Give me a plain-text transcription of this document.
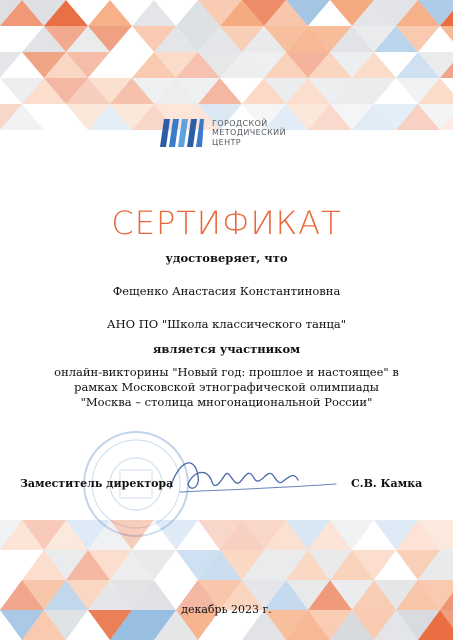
ГОРОДСКОЙ
МЕТОДИЧЕСКИЙ
ЦЕНТР
СЕРТИФИКАТ
удостоверяет, что
Фещенко Анастасия Константиновна
АНО ПО "Школа классического танца"
является участником
онлайн-викторины "Новый год: прошлое и настоящее" в
рамках Московской этнографической олимпиады
"Москва – столица многонациональной России"
Заместитель директора	С.В. Камка
декабрь 2023 г.
